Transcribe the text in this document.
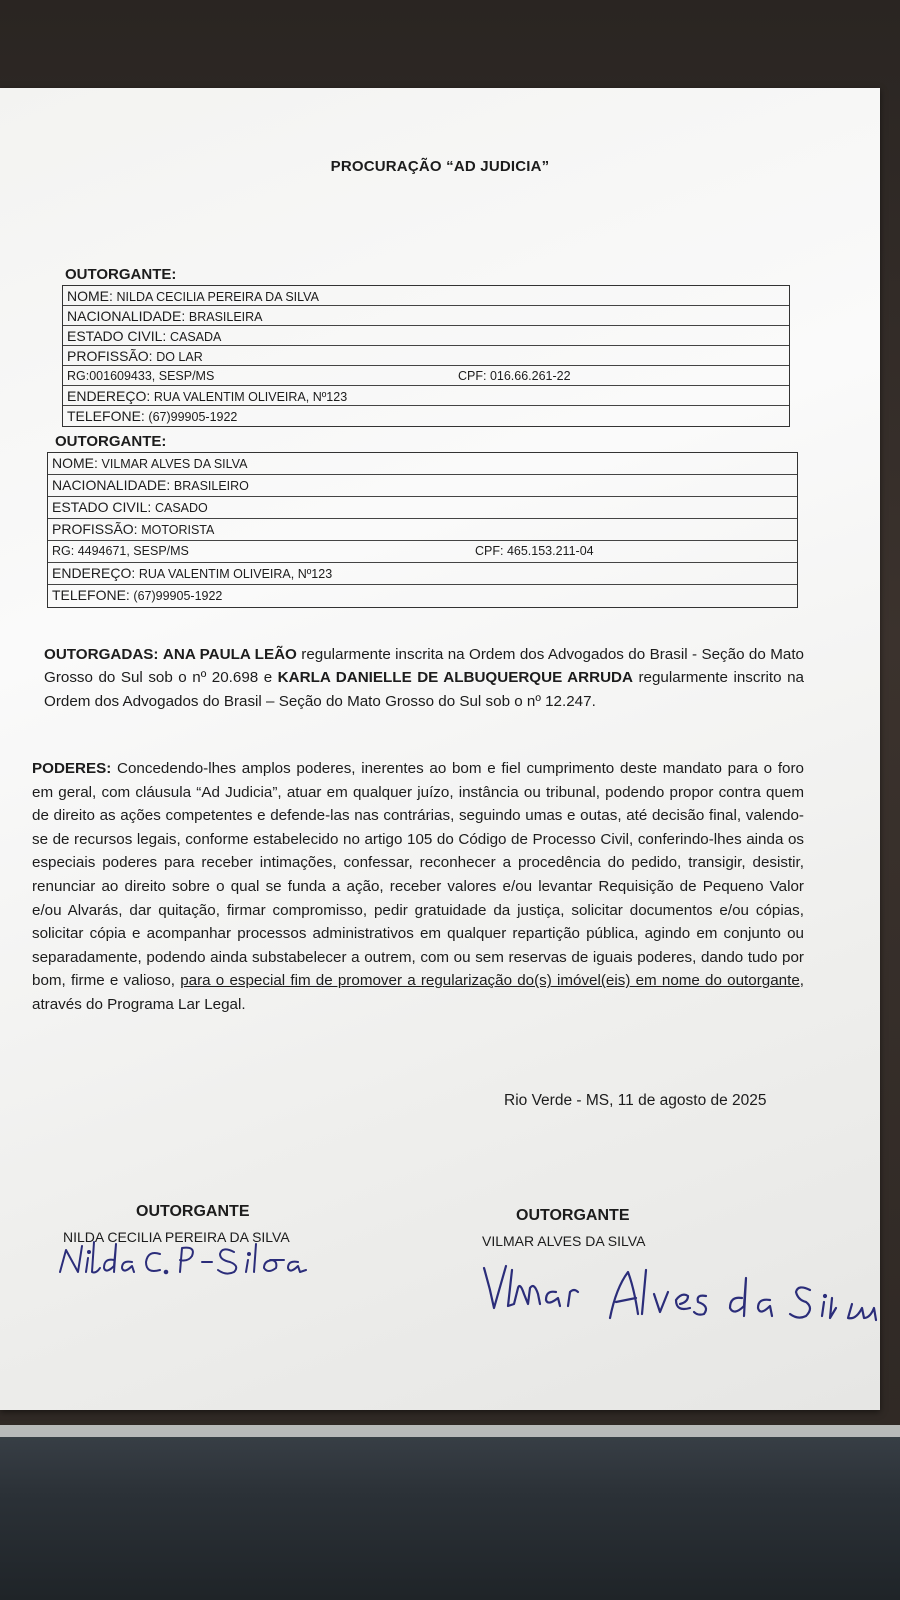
PROCURAÇÃO “AD JUDICIA”
OUTORGANTE:
NOME: NILDA CECILIA PEREIRA DA SILVA
NACIONALIDADE: BRASILEIRA
ESTADO CIVIL: CASADA
PROFISSÃO: DO LAR
RG:001609433, SESP/MS	CPF: 016.66.261-22
ENDEREÇO: RUA VALENTIM OLIVEIRA, Nº123
TELEFONE: (67)99905-1922
OUTORGANTE:
NOME: VILMAR ALVES DA SILVA
NACIONALIDADE: BRASILEIRO
ESTADO CIVIL: CASADO
PROFISSÃO: MOTORISTA
RG: 4494671, SESP/MS	CPF: 465.153.211-04
ENDEREÇO: RUA VALENTIM OLIVEIRA, Nº123
TELEFONE: (67)99905-1922
OUTORGADAS: ANA PAULA LEÃO regularmente inscrita na Ordem dos Advogados do Brasil - Seção do Mato Grosso do Sul sob o nº 20.698 e KARLA DANIELLE DE ALBUQUERQUE ARRUDA regularmente inscrito na Ordem dos Advogados do Brasil – Seção do Mato Grosso do Sul sob o nº 12.247.
PODERES: Concedendo-lhes amplos poderes, inerentes ao bom e fiel cumprimento deste mandato para o foro em geral, com cláusula “Ad Judicia”, atuar em qualquer juízo, instância ou tribunal, podendo propor contra quem de direito as ações competentes e defende-las nas contrárias, seguindo umas e outas, até decisão final, valendo-se de recursos legais, conforme estabelecido no artigo 105 do Código de Processo Civil, conferindo-lhes ainda os especiais poderes para receber intimações, confessar, reconhecer a procedência do pedido, transigir, desistir, renunciar ao direito sobre o qual se funda a ação, receber valores e/ou levantar Requisição de Pequeno Valor e/ou Alvarás, dar quitação, firmar compromisso, pedir gratuidade da justiça, solicitar documentos e/ou cópias, solicitar cópia e acompanhar processos administrativos em qualquer repartição pública, agindo em conjunto ou separadamente, podendo ainda substabelecer a outrem, com ou sem reservas de iguais poderes, dando tudo por bom, firme e valioso, para o especial fim de promover a regularização do(s) imóvel(eis) em nome do outorgante, através do Programa Lar Legal.
Rio Verde - MS, 11 de agosto de 2025
OUTORGANTE
NILDA CECILIA PEREIRA DA SILVA
OUTORGANTE
VILMAR ALVES DA SILVA
